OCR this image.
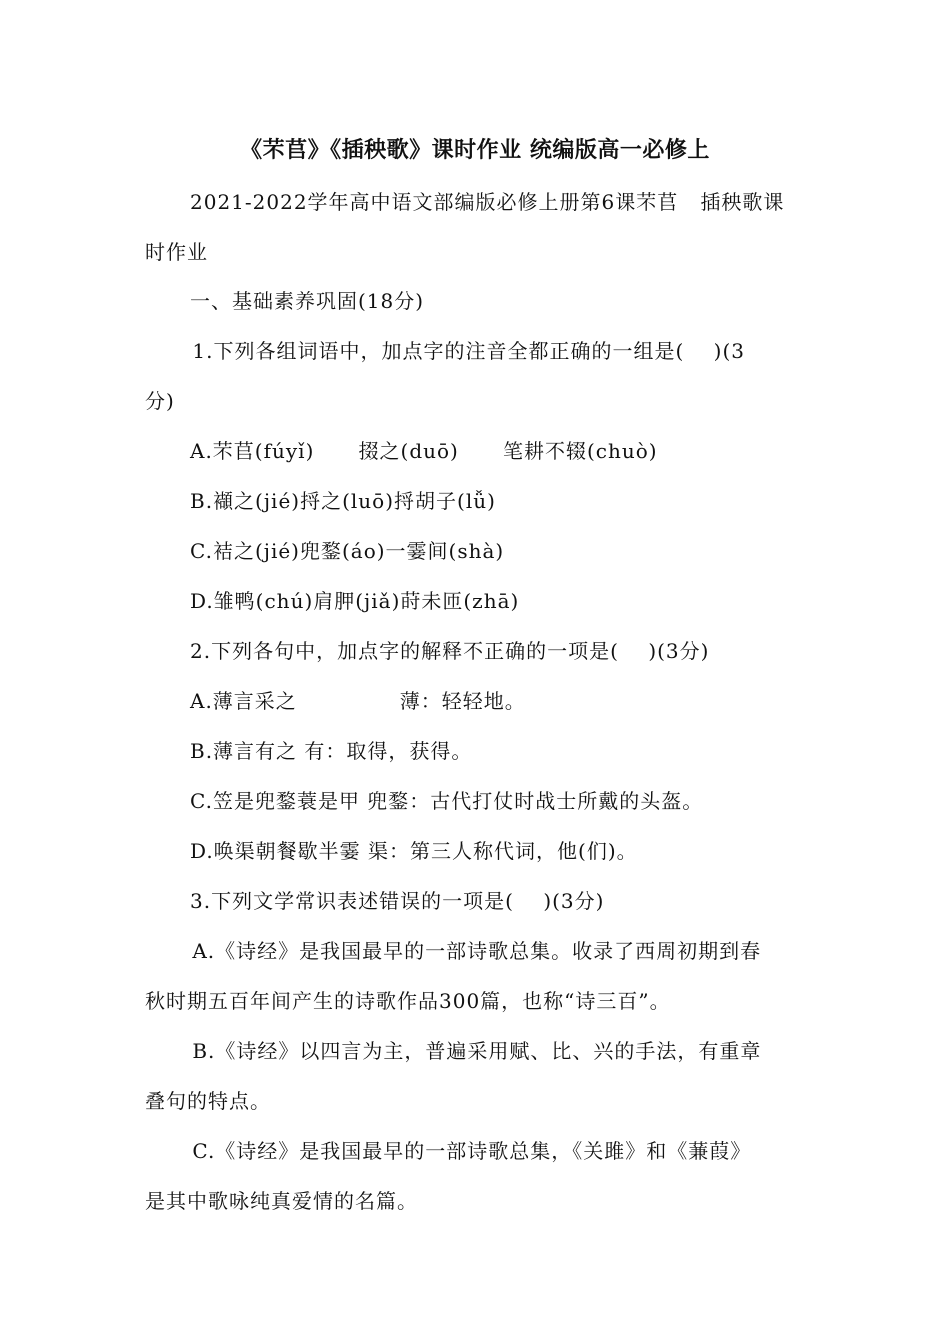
《芣苢》《插秧歌》课时作业 统编版高一必修上
2021-2022学年高中语文部编版必修上册第6课芣苢   插秧歌课
时作业
一、基础素养巩固(18分)
1.下列各组词语中，加点字的注音全都正确的一组是(    )(3
分)
A.芣苢(fúyǐ)      掇之(duō)      笔耕不辍(chuò)
B.襭之(jié)捋之(luō)捋胡子(lǚ)
C.袺之(jié)兜鍪(áo)一霎间(shà)
D.雏鸭(chú)肩胛(jiǎ)莳未匝(zhā)
2.下列各句中，加点字的解释不正确的一项是(    )(3分)
A.薄言采之              薄：轻轻地。
B.薄言有之 有：取得，获得。
C.笠是兜鍪蓑是甲 兜鍪：古代打仗时战士所戴的头盔。
D.唤渠朝餐歇半霎 渠：第三人称代词，他(们)。
3.下列文学常识表述错误的一项是(    )(3分)
A.《诗经》是我国最早的一部诗歌总集。收录了西周初期到春
秋时期五百年间产生的诗歌作品300篇，也称“诗三百”。
B.《诗经》以四言为主，普遍采用赋、比、兴的手法，有重章
叠句的特点。
C.《诗经》是我国最早的一部诗歌总集，《关雎》和《蒹葭》
是其中歌咏纯真爱情的名篇。
